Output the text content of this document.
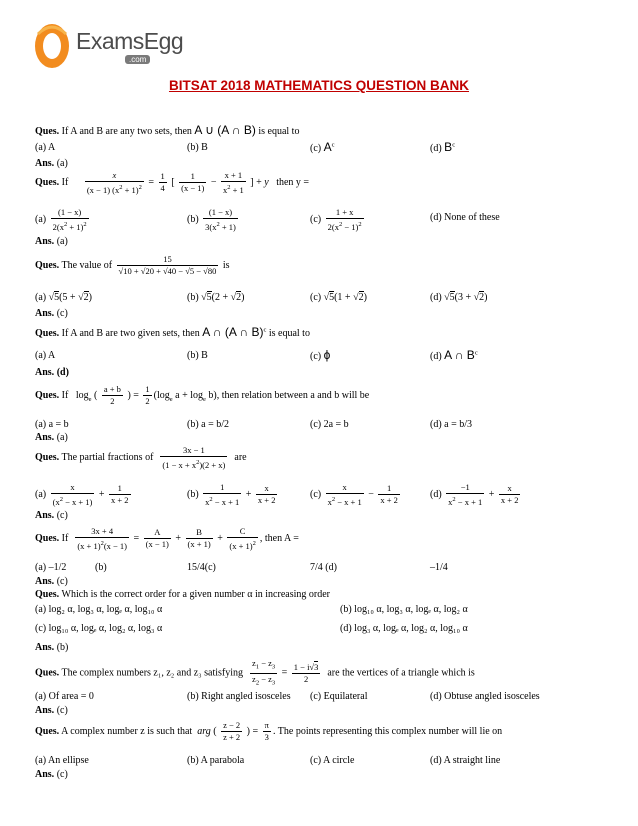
ExamsEgg
.com
BITSAT 2018 MATHEMATICS QUESTION BANK
Ques. If A and B are any two sets, then A ∪ (A ∩ B) is equal to
(a) A	(b) B	(c) $A^c$	(d) $B^c$
Ans. (a)
Ques. If $\frac{x}{(x - 1) (x^2 + 1)^2} = \frac{1}{4}$ [ $\frac{1}{(x - 1)} - \frac{x + 1}{x^2 + 1}$ ] + y then y =
$(a) \frac{(1 - x)}{2(x^2 + 1)^2}$	$(b) \frac{(1 - x)}{3(x^2 + 1)}$	$(c) \frac{1 + x}{2(x^2 - 1)^2}$	(d) None of these
Ans. (a)
Ques. The value of $\frac{15}{√10 + √20 + √40 - √5 - √80}$ is
(a) √5(5 + √2)	(b) √5(2 + √2)	(c) √5(1 + √2)	(d) √5(3 + √2)
Ans. (c)
Ques. If A and B are two given sets, then A ∩ (A ∩ B)$^c$ is equal to
(a) A	(b) B	(c) ϕ	(d) A ∩ $B^c$
Ans. (d)
Ques. If   $\log_e$ ( $\frac{a + b}{2}$ ) = $\frac{1}{2} (\log_e$ $a + \log_e b$), then relation between a and b will be
(a) a = b	(b) a = b/2	(c) 2a = b	(d) a = b/3
Ans. (a)
Ques. The partial fractions of $\frac{3x - 1}{(1 - x + x^2)(2 + x)}$ are
$(a) \frac{x}{(x^2 - x + 1)} + \frac{1}{x + 2}$	$(b) \frac{1}{x^2 - x + 1} + \frac{x}{x + 2}$	$(c) \frac{x}{x^2 - x + 1} - \frac{1}{x + 2}$	$(d) \frac{-1}{x^2 - x + 1} + \frac{x}{x + 2}$
Ans. (c)
Ques. If $\frac{3x + 4}{(x + 1)^2(x - 1)} = \frac{A}{(x - 1)} + \frac{B}{(x + 1)} + \frac{C}{(x + 1)^2}$ , then A =
(a) –1/2	(b)	15/4(c)	7/4 (d)	–1/4
Ans. (c)
Ques. Which is the correct order for a given number α in increasing order
(a) log₂ α, log₃ α, logₑ α, log₁₀ α	(b) log₁₀ α, log₃ α, logₑ α, log₂ α
(c) log₁₀ α, logₑ α, log₂ α, log₃ α	(d) log₃ α, logₑ α, log₂ α, log₁₀ α
Ans. (b)
Ques. The complex numbers z₁, z₂ and z₃ satisfying $\frac{z_1 - z_3}{z_2 - z_3} = \frac{1 - i√3}{2}$ are the vertices of a triangle which is
(a) Of area = 0	(b) Right angled isosceles (c) Equilateral	(d) Obtuse angled isosceles
Ans. (c)
Ques. A complex number z is such that arg ( $\frac{z - 2}{z + 2}$ ) = $\frac{\pi}{3}$ . The points representing this complex number will lie on
(a) An ellipse	(b) A parabola	(c) A circle	(d) A straight line
Ans. (c)
